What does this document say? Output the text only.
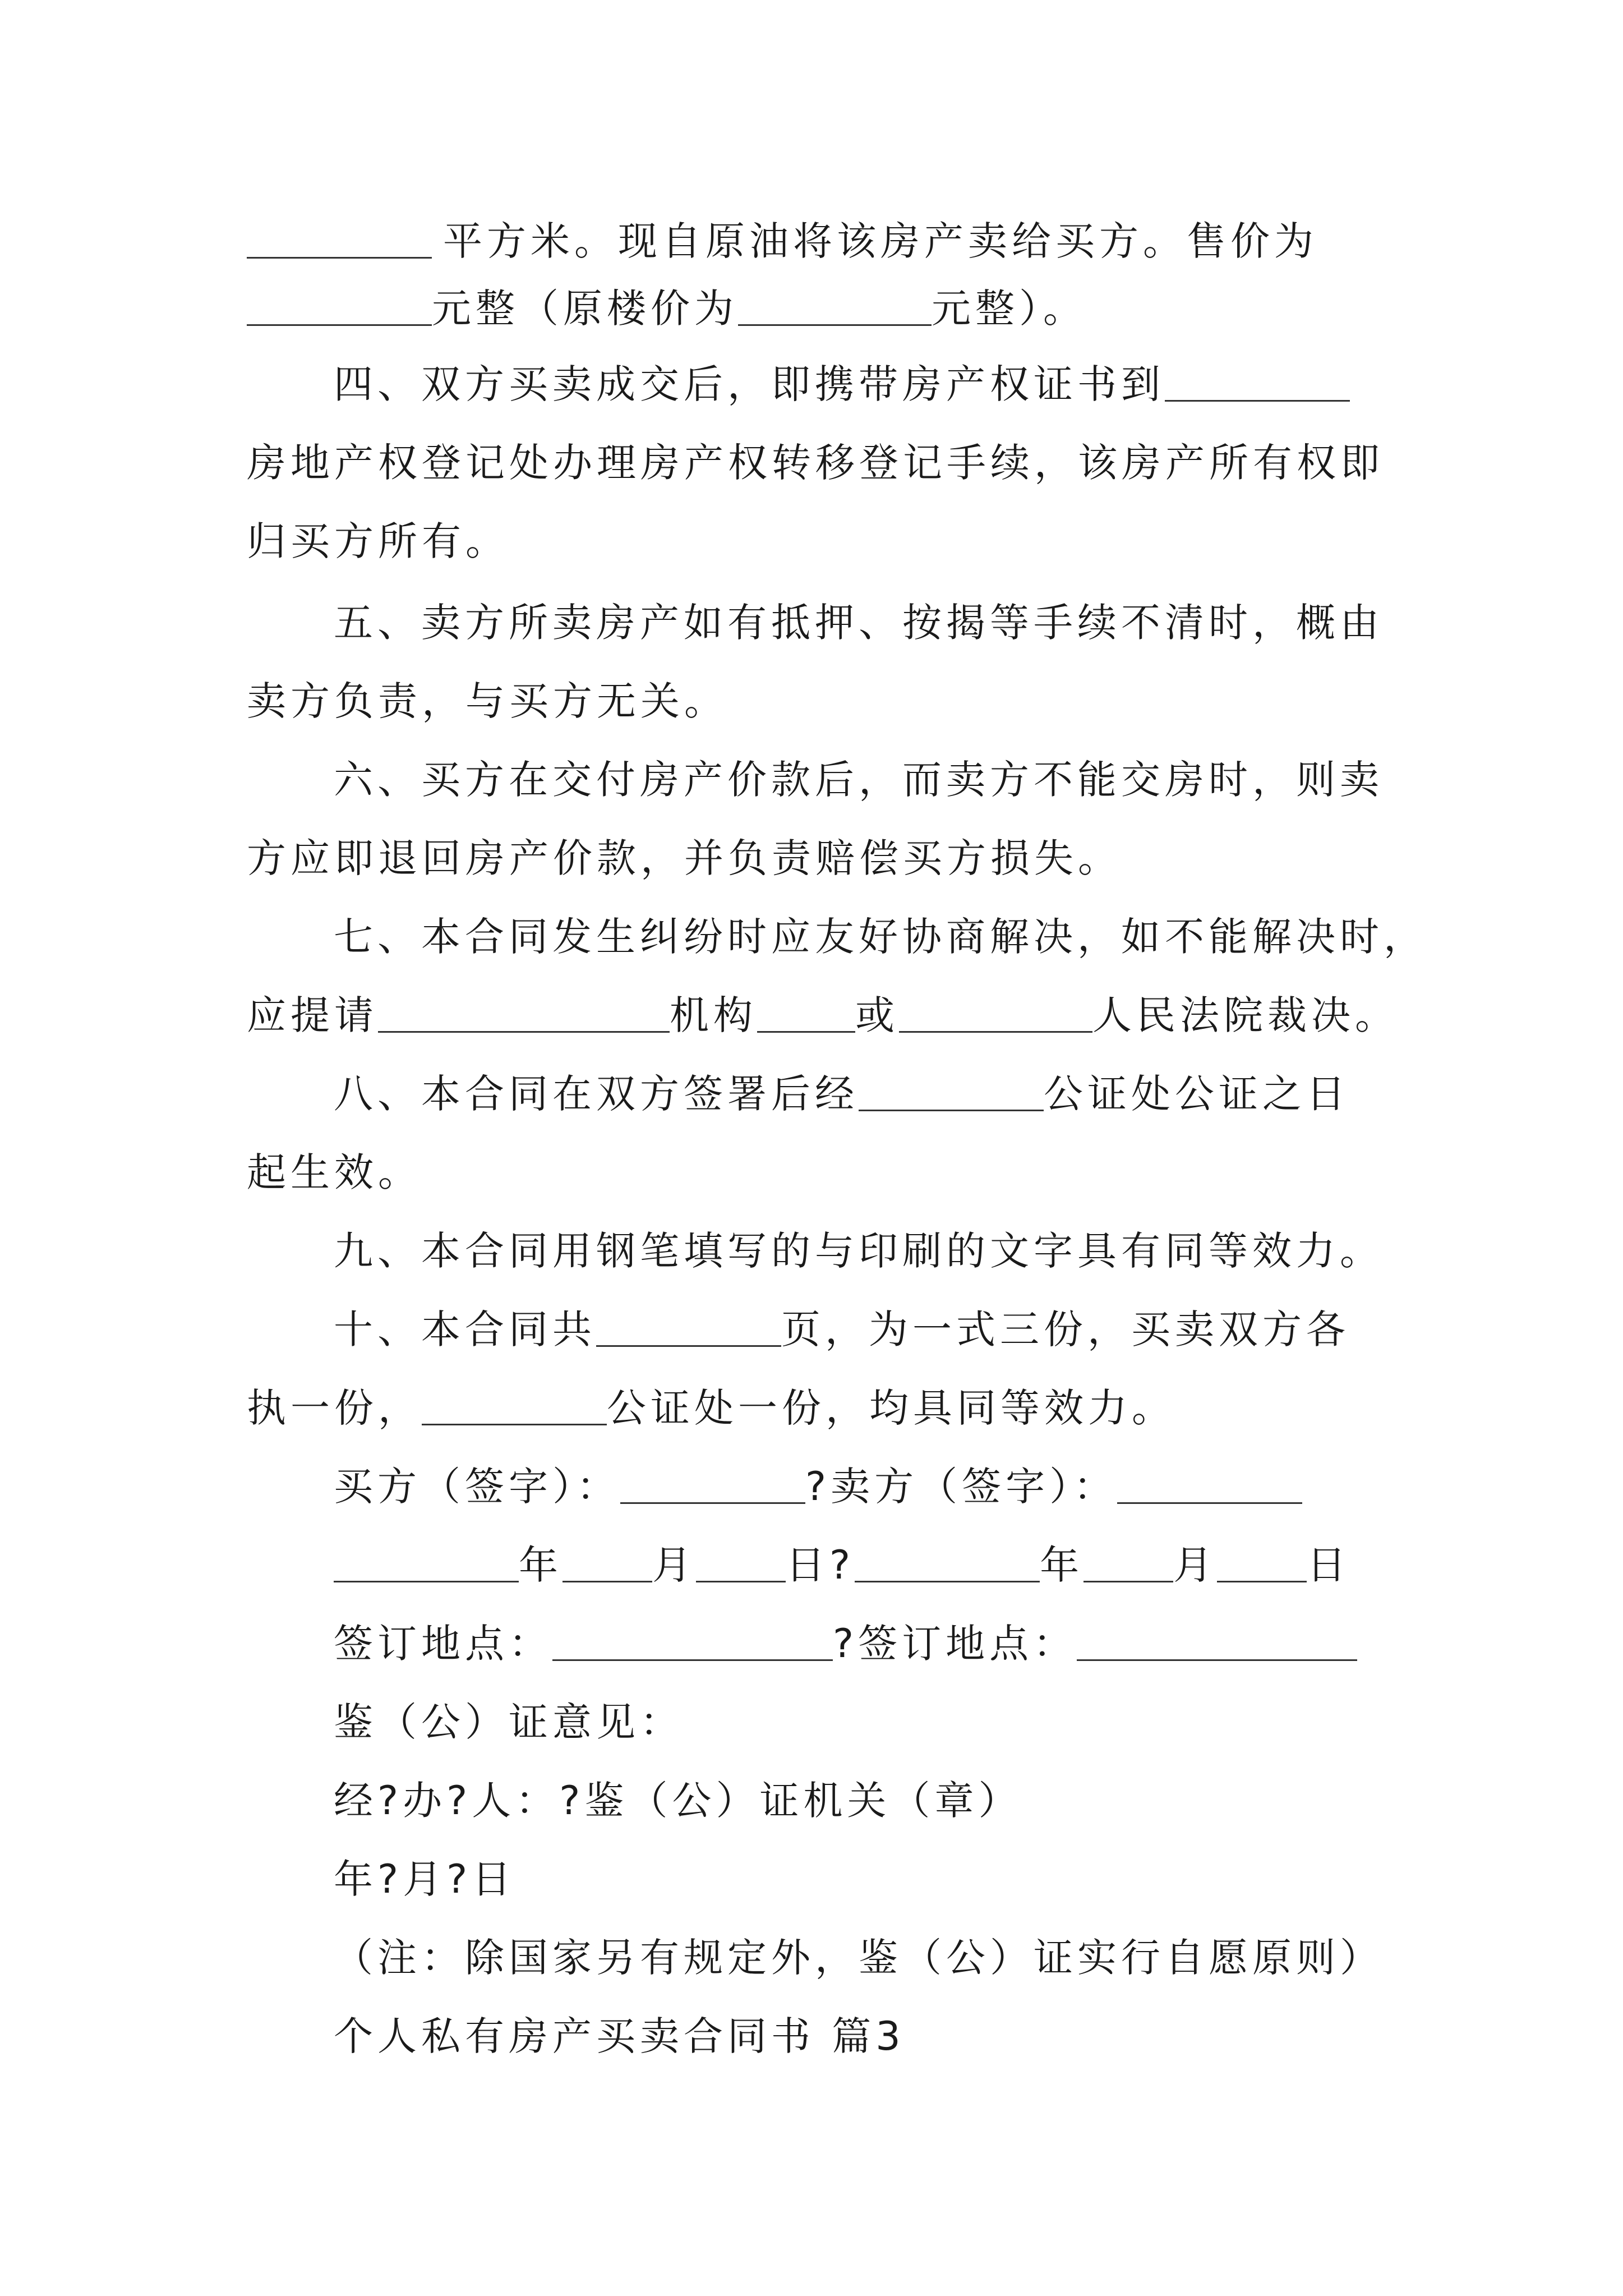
平方米。现自原油将该房产卖给买方。售价为
元整（原楼价为	元整）。
四、双方买卖成交后，即携带房产权证书到
房地产权登记处办理房产权转移登记手续，该房产所有权即
归买方所有。
五、卖方所卖房产如有抵押、按揭等手续不清时，概由
卖方负责，与买方无关。
六、买方在交付房产价款后，而卖方不能交房时，则卖
方应即退回房产价款，并负责赔偿买方损失。
七、本合同发生纠纷时应友好协商解决，如不能解决时，
应提请	机构	或	人民法院裁决。
八、本合同在双方签署后经	公证处公证之日
起生效。
九、本合同用钢笔填写的与印刷的文字具有同等效力。
十、本合同共	页，为一式三份，买卖双方各
执一份，	公证处一份，均具同等效力。
买方（签字）：	?卖方（签字）：
年 月 日?	年 月 日
签订地点：	?签订地点：
鉴（公）证意见：
经?办?人：?鉴（公）证机关（章）
年?月?日
（注：除国家另有规定外，鉴（公）证实行自愿原则）
个人私有房产买卖合同书 篇3
